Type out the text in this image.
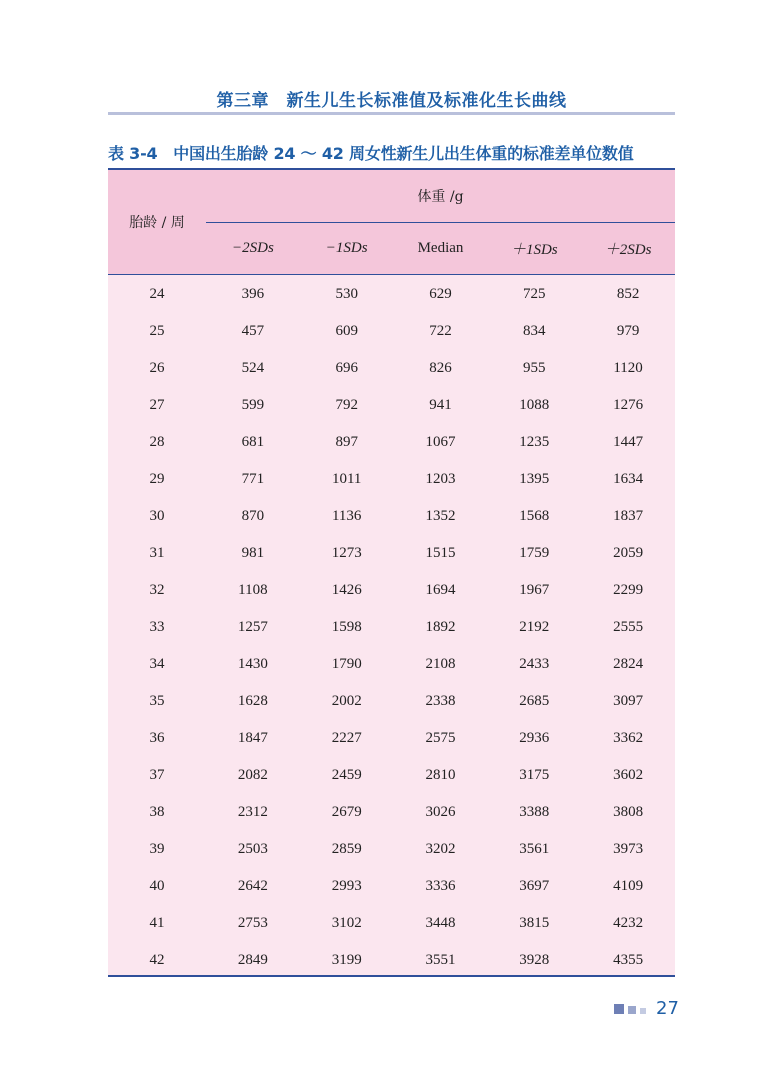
第三章　新生儿生长标准值及标准化生长曲线
表 3-4　中国出生胎龄 24 ～ 42 周女性新生儿出生体重的标准差单位数值
胎龄 / 周
体重 /g
−2SDs	−1SDs	Median	＋1SDs	＋2SDs
24	396	530	629	725	852
25	457	609	722	834	979
26	524	696	826	955	1120
27	599	792	941	1088	1276
28	681	897	1067	1235	1447
29	771	1011	1203	1395	1634
30	870	1136	1352	1568	1837
31	981	1273	1515	1759	2059
32	1108	1426	1694	1967	2299
33	1257	1598	1892	2192	2555
34	1430	1790	2108	2433	2824
35	1628	2002	2338	2685	3097
36	1847	2227	2575	2936	3362
37	2082	2459	2810	3175	3602
38	2312	2679	3026	3388	3808
39	2503	2859	3202	3561	3973
40	2642	2993	3336	3697	4109
41	2753	3102	3448	3815	4232
42	2849	3199	3551	3928	4355
27
